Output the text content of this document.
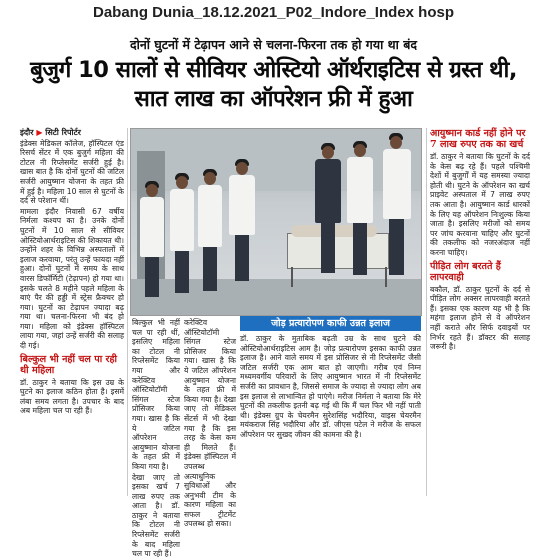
Dabang Dunia_18.12.2021_P02_Indore_Index hosp
दोनों घुटनों में टेढ़ापन आने से चलना-फिरना तक हो गया था बंद
बुजुर्ग 10 सालों से सीवियर ओस्टियो ऑर्थराइटिस से ग्रस्त थी, सात लाख का ऑपरेशन फ्री में हुआ
इंदौर ▶ सिटी रिपोर्टर

इंडेक्स मेडिकल कॉलेज, हॉस्पिटल एंड रिसर्च सेंटर में एक बुजुर्ग महिला की टोटल नी रिप्लेसमेंट सर्जरी हुई है। खास बात है कि दोनों घुटनों की जटिल सर्जरी आयुष्मान योजना के तहत फ्री में हुई है। महिला 10 साल से घुटनों के दर्द से परेशान थीं।

मामला इंदौर निवासी 67 वर्षीय निर्मला कश्यप का है। उनके दोनों घुटनों में 10 साल से सीवियर ओस्टियोआर्थराइटिस की शिकायत थी। उन्होंने शहर के विभिन्न अस्पतालों में इलाज करवाया, परंतु उन्हें फायदा नहीं हुआ। दोनों घुटनों में समय के साथ वारस डिफॉर्मिटी (टेढ़ापन) हो गया था। इसके चलते 8 महीने पहले महिला के बाएं पैर की हड्डी में स्ट्रेस फ्रैक्चर हो गया। घुटनों का टेढ़ापन ज्यादा बढ़ गया था। चलना-फिरना भी बंद हो गया। महिला को इंडेक्स हॉस्पिटल लाया गया, जहां उन्हें सर्जरी की सलाह दी गई।

बिल्कुल भी नहीं चल पा रही थी महिला

डॉ. ठाकुर ने बताया कि इस उम्र के घुटने का इलाज कठिन होता है। इसमें लंबा समय लगता है। उपचार के बाद अब महिला चल पा रही हैं।

जोड़ प्रत्यारोपण काफी उन्नत इलाज

बिल्कुल भी नहीं चल पा रही थीं, इसलिए महिला का टोटल नी रिप्लेसमेंट किया गया और करेक्टिव ऑस्टियोटॉमी सिंगल स्टेज प्रोसिजर किया गया। खास है कि ये जटिल ऑपरेशन आयुष्मान योजना के तहत फ्री में किया गया है।

देखा जाए तो इसका खर्च 7 लाख रुपए तक आता है। डॉ. ठाकुर ने बताया कि टोटल नी रिप्लेसमेंट सर्जरी के बाद महिला चल पा रही हैं।

करेक्टिव ऑस्टियोटॉमी सिंगल स्टेज प्रोसिजर किया गया। खास है कि ये जटिल ऑपरेशन आयुष्मान योजना के तहत फ्री में किया गया है। देखा जाए तो मेडिकल सेंटर्स में भी देखा गया है कि इस तरह के केस कम ही मिलते हैं। इंडेक्स हॉस्पिटल में उपलब्ध अत्याधुनिक सुविधाओं और अनुभवी टीम के कारण महिला का सफल ट्रीटमेंट उपलब्ध हो सका।

डॉ. ठाकुर के मुताबिक बढ़ती उम्र के साथ घुटने की ओस्टियोआर्थराइटिस आम है। जोड़ प्रत्यारोपण इसका काफी उन्नत इलाज है। आने वाले समय में इस प्रोसिजर से नी रिप्लेसमेंट जैसी जटिल सर्जरी एक आम बात हो जाएगी। गरीब एवं निम्न मध्यमवर्गीय परिवारों के लिए आयुष्मान भारत में नी रिप्लेसमेंट सर्जरी का प्रावधान है, जिससे समाज के ज्यादा से ज्यादा लोग अब इस इलाज से लाभान्वित हो पाएंगे। मरीज निर्मला ने बताया कि मेरे घुटनों की तकलीफ इतनी बढ़ गई थी कि मैं चल फिर भी नहीं पाती थी। इंडेक्स ग्रुप के चेयरमैन सुरेशसिंह भदौरिया, वाइस चेयरमैन मयंकराज सिंह भदौरिया और डॉ. जीएस पटेल ने मरीज के सफल ऑपरेशन पर सुखद जीवन की कामना की है।

आयुष्मान कार्ड नहीं होने पर 7 लाख रुपए तक का खर्च

डॉ. ठाकुर ने बताया कि घुटनों के दर्द के केस बढ़ रहे हैं। पहले पश्चिमी देशों में बुजुर्गों में यह समस्या ज्यादा होती थी। घुटने के ऑपरेशन का खर्च प्राइवेट अस्पताल में 7 लाख रुपए तक आता है। आयुष्मान कार्ड धारकों के लिए यह ऑपरेशन निःशुल्क किया जाता है। इसलिए मरीजों को समय पर जांच करवाना चाहिए और घुटनों की तकलीफ को नजरअंदाज नहीं करना चाहिए।

पीड़ित लोग बरतते हैं लापरवाही

बकौल, डॉ. ठाकुर घुटनों के दर्द से पीड़ित लोग अक्सर लापरवाही बरतते हैं। इसका एक कारण यह भी है कि महंगा इलाज होने से वे ऑपरेशन नहीं कराते और सिर्फ दवाइयों पर निर्भर रहते हैं। डॉक्टर की सलाह जरूरी है।
